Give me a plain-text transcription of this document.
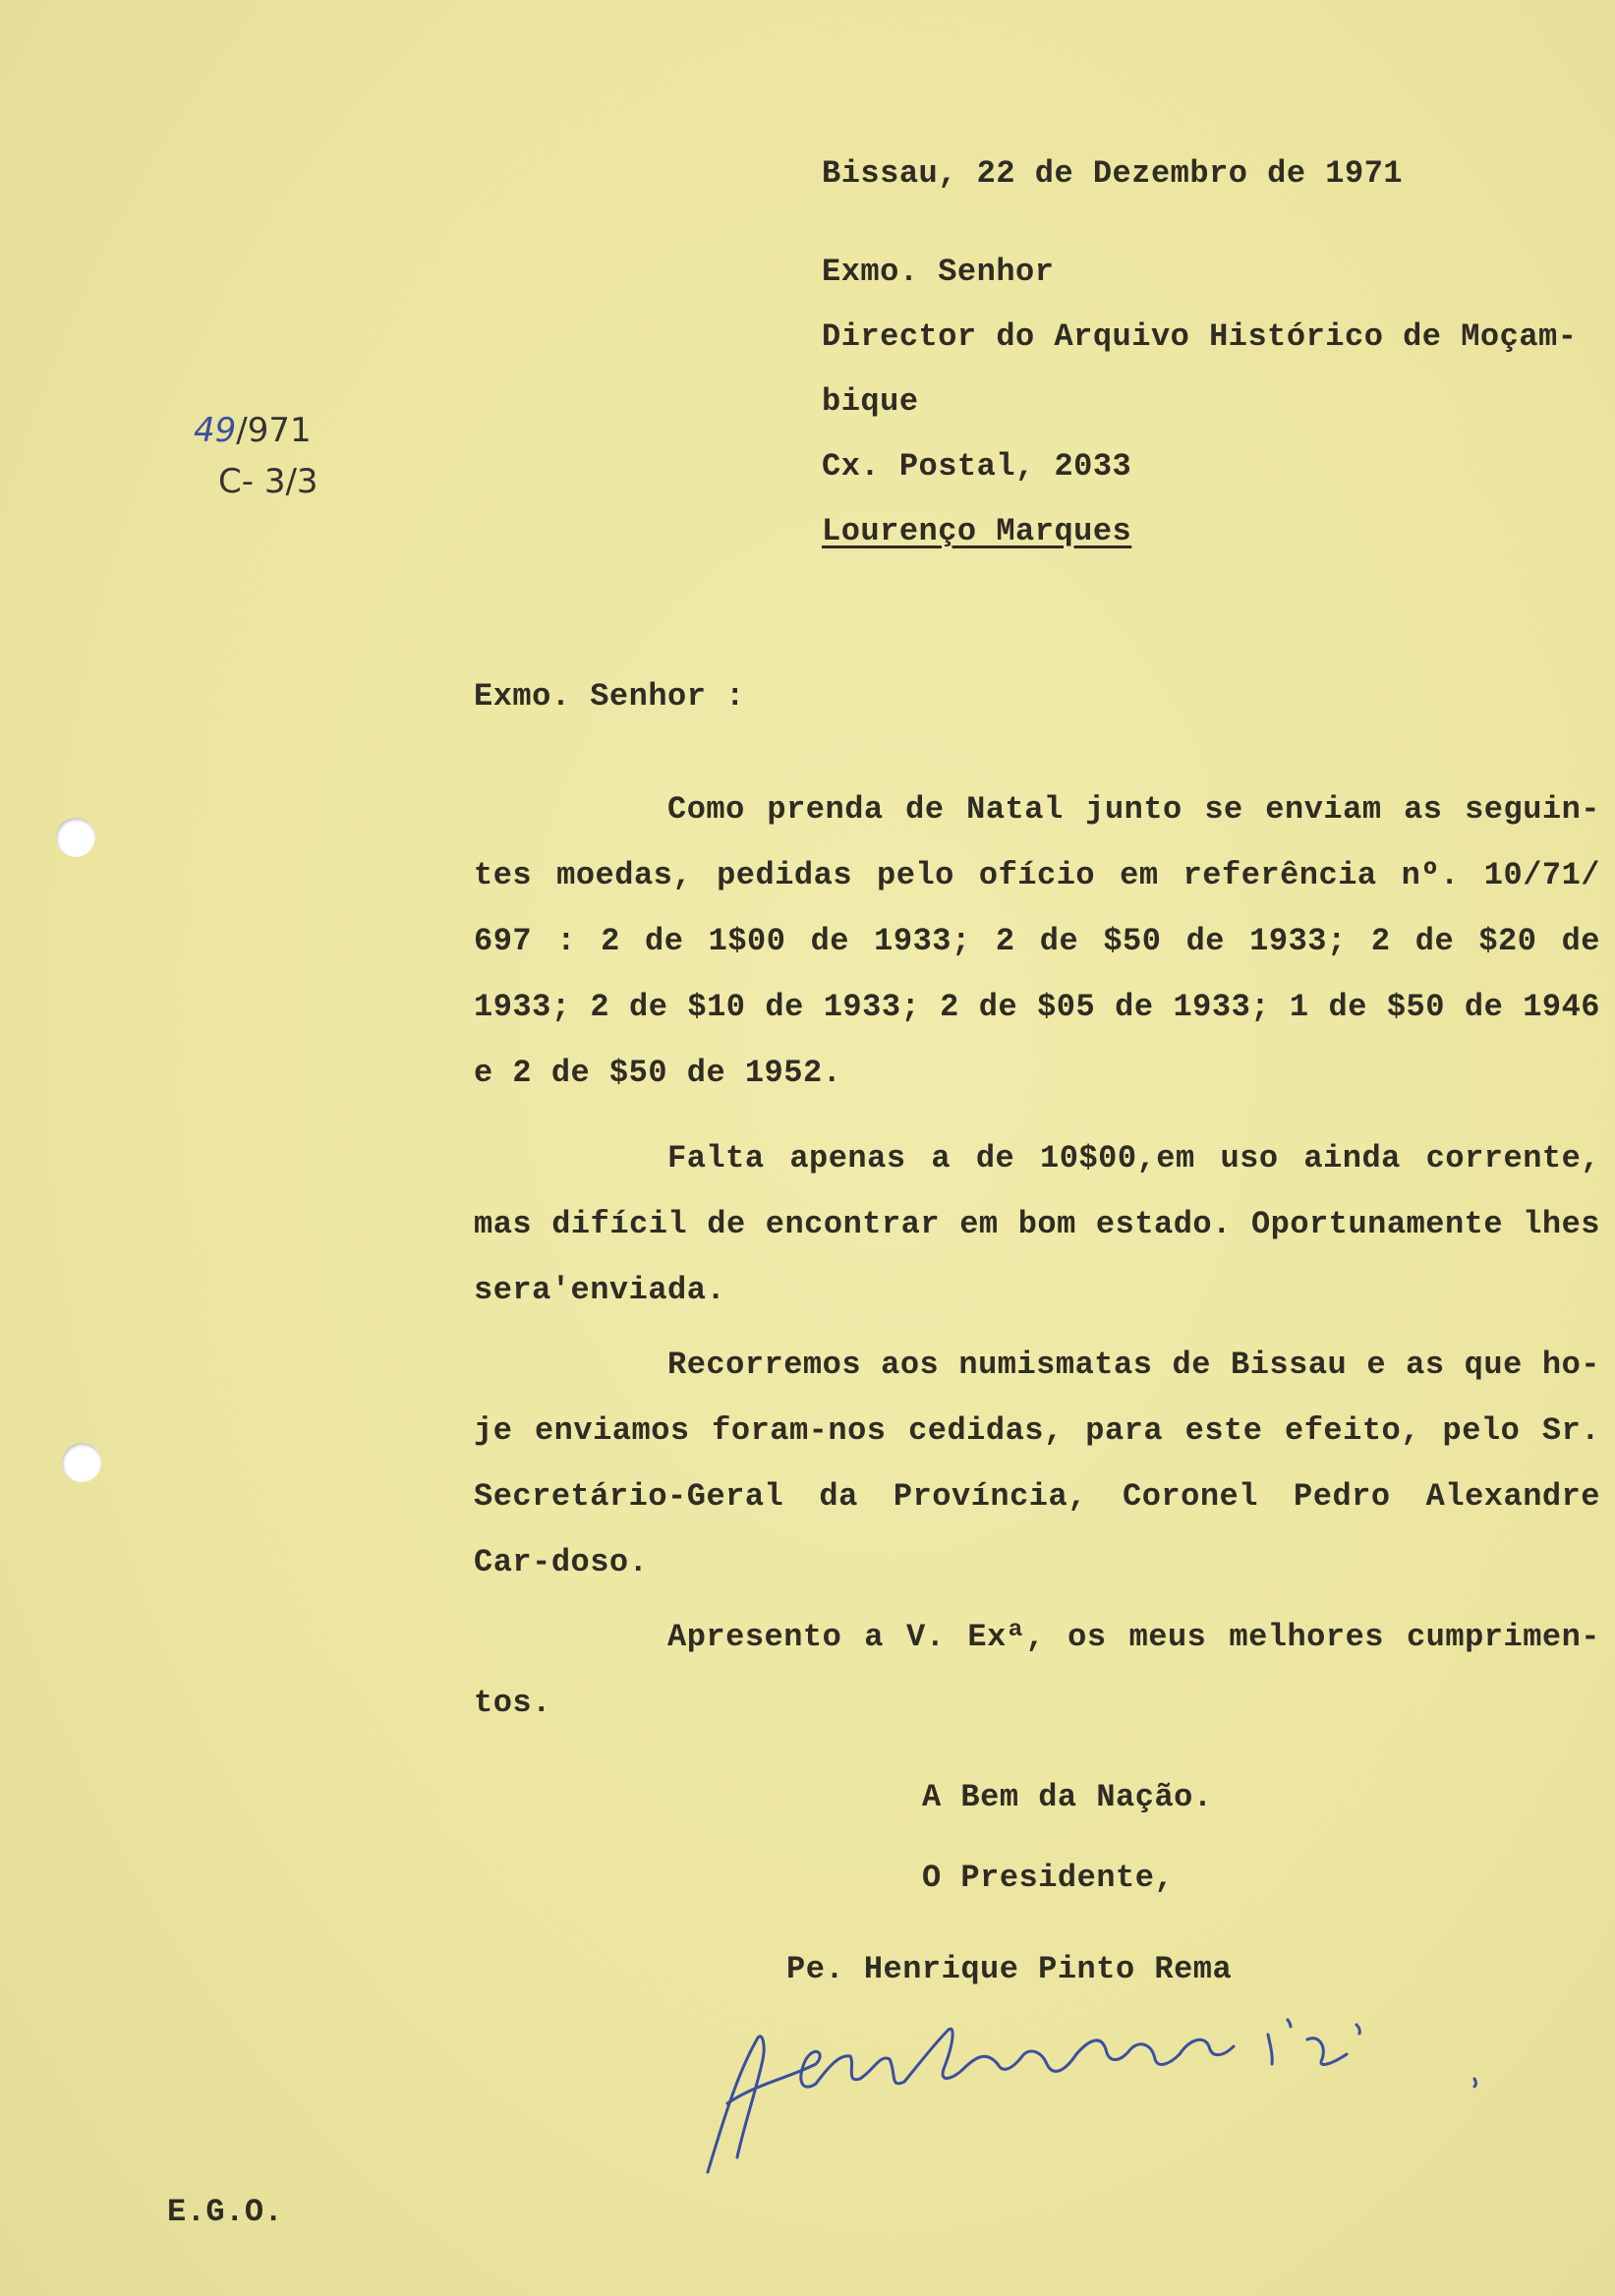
49/971
C- 3/3
Bissau, 22 de Dezembro de 1971
Exmo. Senhor
Director do Arquivo Histórico de Moçam-
bique
Cx. Postal, 2033
Lourenço Marques
Exmo. Senhor :

Como prenda de Natal junto se enviam as seguin-tes moedas, pedidas pelo ofício em referência nº. 10/71/ 697 : 2 de 1$00 de 1933; 2 de $50 de 1933; 2 de $20 de 1933; 2 de $10 de 1933; 2 de $05 de 1933; 1 de $50 de 1946 e 2 de $50 de 1952.

Falta apenas a de 10$00,em uso ainda corrente, mas difícil de encontrar em bom estado. Oportunamente lhes sera'enviada.

Recorremos aos numismatas de Bissau e as que ho-je enviamos foram-nos cedidas, para este efeito, pelo Sr. Secretário-Geral da Província, Coronel Pedro Alexandre Car-doso.

Apresento a V. Exª, os meus melhores cumprimen-tos.

A Bem da Nação.
O Presidente,
Pe. Henrique Pinto Rema
E.G.O.
